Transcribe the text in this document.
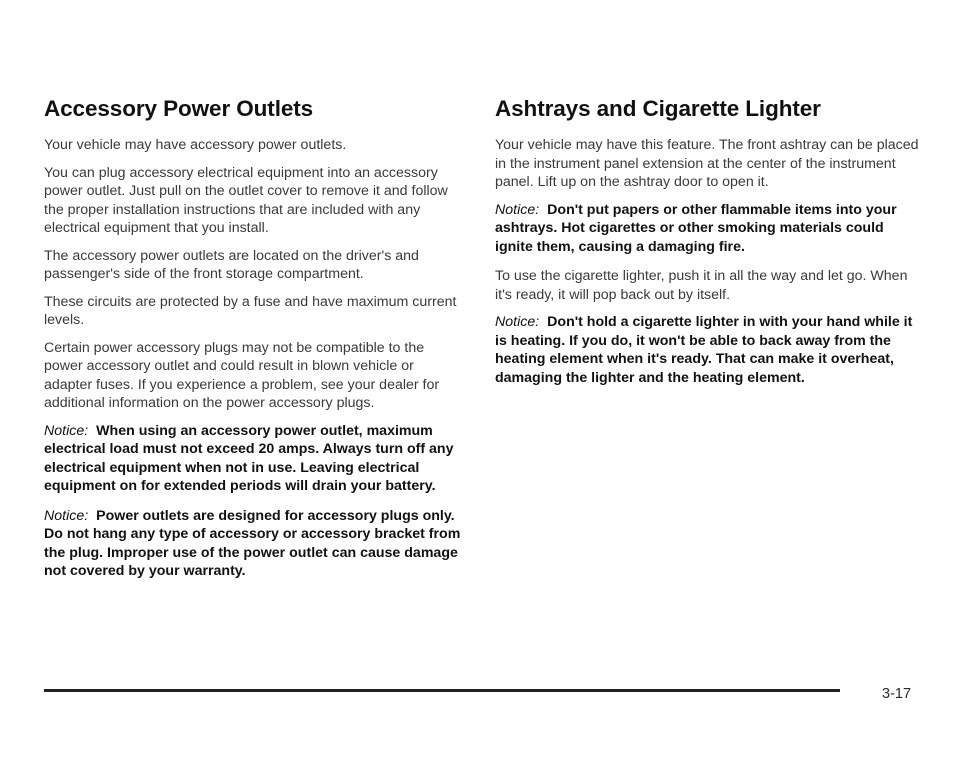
Accessory Power Outlets

Your vehicle may have accessory power outlets.

You can plug accessory electrical equipment into an accessory power outlet. Just pull on the outlet cover to remove it and follow the proper installation instructions that are included with any electrical equipment that you install.

The accessory power outlets are located on the driver's and passenger's side of the front storage compartment.

These circuits are protected by a fuse and have maximum current levels.

Certain power accessory plugs may not be compatible to the power accessory outlet and could result in blown vehicle or adapter fuses. If you experience a problem, see your dealer for additional information on the power accessory plugs.

Notice: When using an accessory power outlet, maximum electrical load must not exceed 20 amps. Always turn off any electrical equipment when not in use. Leaving electrical equipment on for extended periods will drain your battery.

Notice: Power outlets are designed for accessory plugs only. Do not hang any type of accessory or accessory bracket from the plug. Improper use of the power outlet can cause damage not covered by your warranty.

Ashtrays and Cigarette Lighter

Your vehicle may have this feature. The front ashtray can be placed in the instrument panel extension at the center of the instrument panel. Lift up on the ashtray door to open it.

Notice: Don't put papers or other flammable items into your ashtrays. Hot cigarettes or other smoking materials could ignite them, causing a damaging fire.

To use the cigarette lighter, push it in all the way and let go. When it's ready, it will pop back out by itself.

Notice: Don't hold a cigarette lighter in with your hand while it is heating. If you do, it won't be able to back away from the heating element when it's ready. That can make it overheat, damaging the lighter and the heating element.

3-17
